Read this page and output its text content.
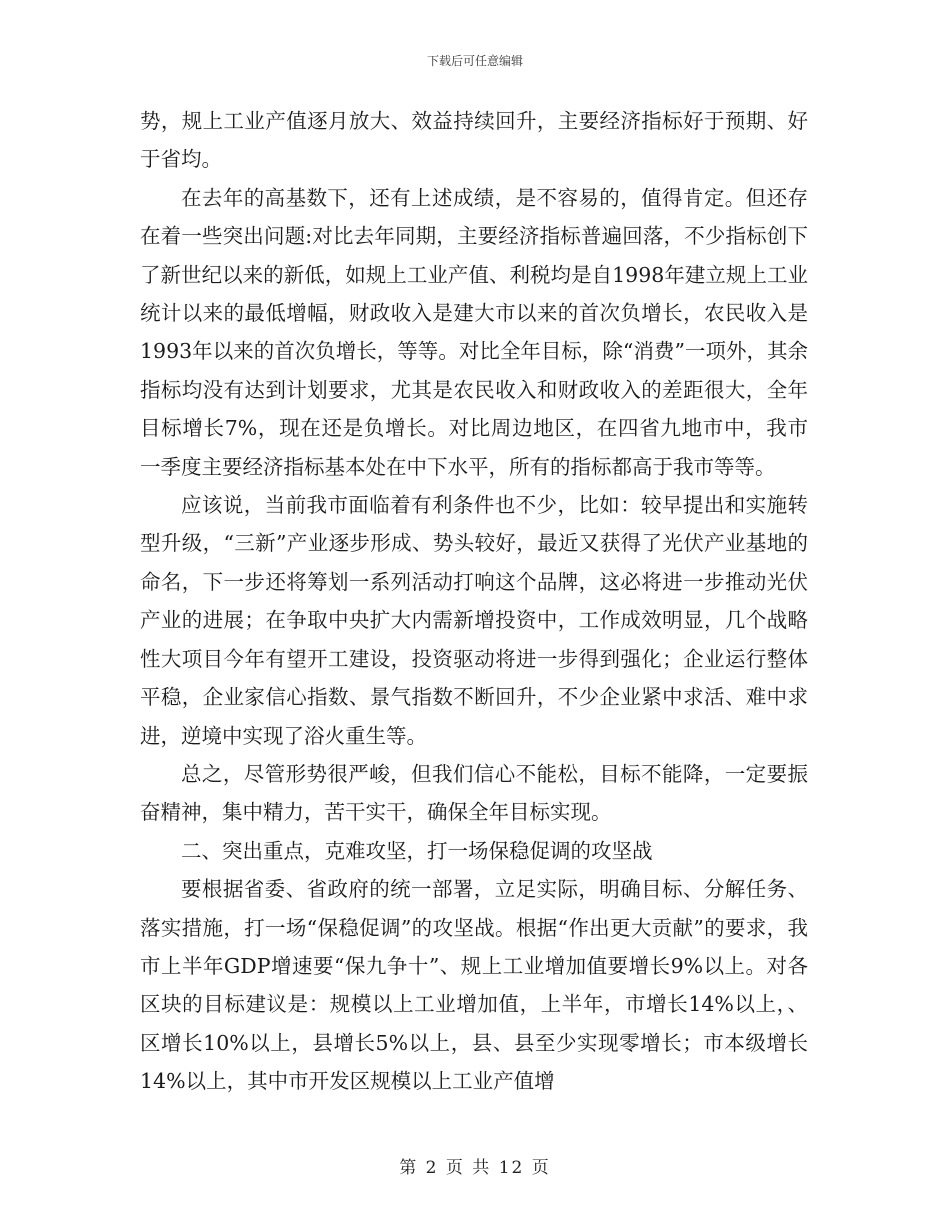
下载后可任意编辑

势，规上工业产值逐月放大、效益持续回升，主要经济指标好于预期、好于省均。

在去年的高基数下，还有上述成绩，是不容易的，值得肯定。但还存在着一些突出问题:对比去年同期，主要经济指标普遍回落，不少指标创下了新世纪以来的新低，如规上工业产值、利税均是自1998年建立规上工业统计以来的最低增幅，财政收入是建大市以来的首次负增长，农民收入是1993年以来的首次负增长，等等。对比全年目标，除“消费”一项外，其余指标均没有达到计划要求，尤其是农民收入和财政收入的差距很大，全年目标增长7%，现在还是负增长。对比周边地区，在四省九地市中，我市一季度主要经济指标基本处在中下水平，所有的指标都高于我市等等。

应该说，当前我市面临着有利条件也不少，比如：较早提出和实施转型升级，“三新”产业逐步形成、势头较好，最近又获得了光伏产业基地的命名，下一步还将筹划一系列活动打响这个品牌，这必将进一步推动光伏产业的进展；在争取中央扩大内需新增投资中，工作成效明显，几个战略性大项目今年有望开工建设，投资驱动将进一步得到强化；企业运行整体平稳，企业家信心指数、景气指数不断回升，不少企业紧中求活、难中求进，逆境中实现了浴火重生等。

总之，尽管形势很严峻，但我们信心不能松，目标不能降，一定要振奋精神，集中精力，苦干实干，确保全年目标实现。

二、突出重点，克难攻坚，打一场保稳促调的攻坚战

要根据省委、省政府的统一部署，立足实际，明确目标、分解任务、落实措施，打一场“保稳促调”的攻坚战。根据“作出更大贡献”的要求，我市上半年GDP增速要“保九争十”、规上工业增加值要增长9%以上。对各区块的目标建议是：规模以上工业增加值，上半年，市增长14%以上，、区增长10%以上，县增长5%以上，县、县至少实现零增长；市本级增长14%以上，其中市开发区规模以上工业产值增

第 2 页 共 12 页
